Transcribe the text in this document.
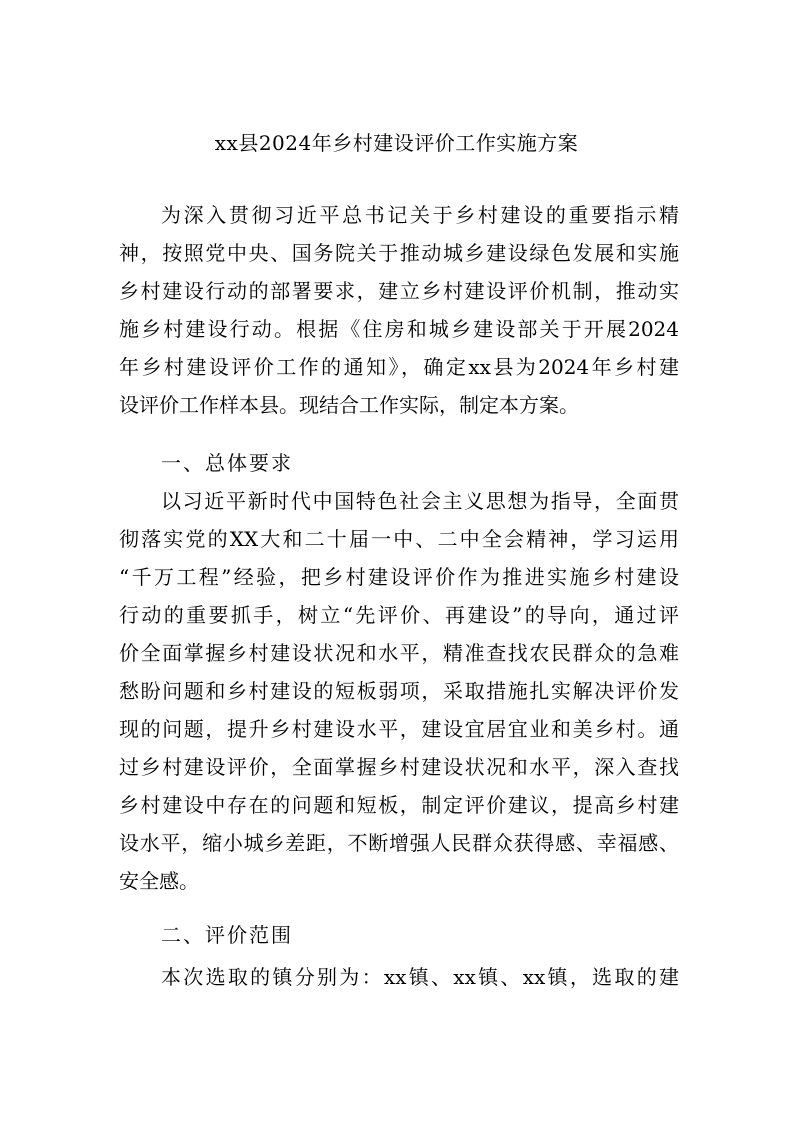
xx县2024年乡村建设评价工作实施方案
为深入贯彻习近平总书记关于乡村建设的重要指示精
神，按照党中央、国务院关于推动城乡建设绿色发展和实施
乡村建设行动的部署要求，建立乡村建设评价机制，推动实
施乡村建设行动。根据《住房和城乡建设部关于开展2024
年乡村建设评价工作的通知》，确定xx县为2024年乡村建
设评价工作样本县。现结合工作实际，制定本方案。
一、总体要求
以习近平新时代中国特色社会主义思想为指导，全面贯
彻落实党的XX大和二十届一中、二中全会精神，学习运用
“千万工程”经验，把乡村建设评价作为推进实施乡村建设
行动的重要抓手，树立“先评价、再建设”的导向，通过评
价全面掌握乡村建设状况和水平，精准查找农民群众的急难
愁盼问题和乡村建设的短板弱项，采取措施扎实解决评价发
现的问题，提升乡村建设水平，建设宜居宜业和美乡村。通
过乡村建设评价，全面掌握乡村建设状况和水平，深入查找
乡村建设中存在的问题和短板，制定评价建议，提高乡村建
设水平，缩小城乡差距，不断增强人民群众获得感、幸福感、
安全感。
二、评价范围
本次选取的镇分别为：xx镇、xx镇、xx镇，选取的建
